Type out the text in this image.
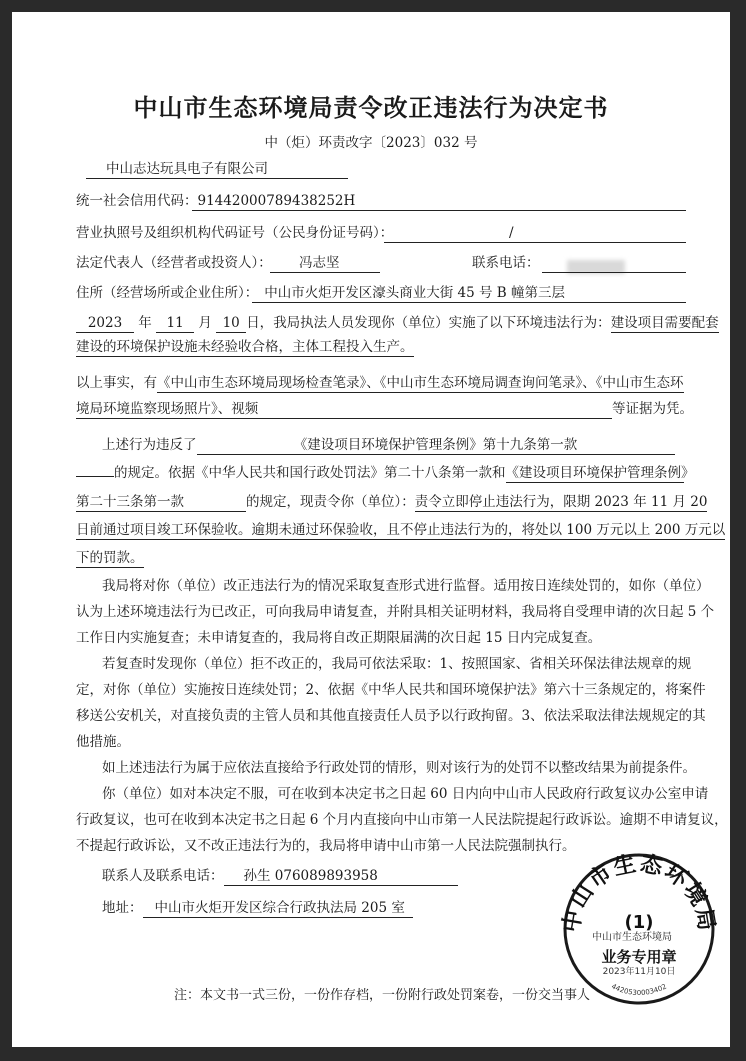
中山市生态环境局责令改正违法行为决定书
中（炬）环责改字〔2023〕032 号
中山志达玩具电子有限公司
统一社会信用代码：91442000789438252H
营业执照号及组织机构代码证号（公民身份证号码）：	/
法定代表人（经营者或投资人）： 冯志坚	联系电话：
住所（经营场所或企业住所）： 中山市火炬开发区濠头商业大街 45 号 B 幢第三层
2023 年 11 月 10 日，我局执法人员发现你（单位）实施了以下环境违法行为：建设项目需要配套
建设的环境保护设施未经验收合格，主体工程投入生产。
以上事实，有《中山市生态环境局现场检查笔录》、《中山市生态环境局调查询问笔录》、《中山市生态环
境局环境监察现场照片》、视频	等证据为凭。
上述行为违反了	《建设项目环境保护管理条例》第十九条第一款
的规定。依据《中华人民共和国行政处罚法》第二十八条第一款和《建设项目环境保护管理条例》
第二十三条第一款	的规定，现责令你（单位）：责令立即停止违法行为，限期 2023 年 11 月 20
日前通过项目竣工环保验收。逾期未通过环保验收，且不停止违法行为的，将处以 100 万元以上 200 万元以
下的罚款。
我局将对你（单位）改正违法行为的情况采取复查形式进行监督。适用按日连续处罚的，如你（单位）
认为上述环境违法行为已改正，可向我局申请复查，并附具相关证明材料，我局将自受理申请的次日起 5 个
工作日内实施复查；未申请复查的，我局将自改正期限届满的次日起 15 日内完成复查。
若复查时发现你（单位）拒不改正的，我局可依法采取：1、按照国家、省相关环保法律法规章的规
定，对你（单位）实施按日连续处罚；2、依据《中华人民共和国环境保护法》第六十三条规定的，将案件
移送公安机关，对直接负责的主管人员和其他直接责任人员予以行政拘留。3、依法采取法律法规规定的其
他措施。
如上述违法行为属于应依法直接给予行政处罚的情形，则对该行为的处罚不以整改结果为前提条件。
你（单位）如对本决定不服，可在收到本决定书之日起 60 日内向中山市人民政府行政复议办公室申请
行政复议，也可在收到本决定书之日起 6 个月内直接向中山市第一人民法院提起行政诉讼。逾期不申请复议，
不提起行政诉讼，又不改正违法行为的，我局将申请中山市第一人民法院强制执行。
联系人及联系电话： 孙生 076089893958
地址： 中山市火炬开发区综合行政执法局 205 室
注：本文书一式三份，一份作存档，一份附行政处罚案卷，一份交当事人
中山市生态环境局
4420530003402
(1)
中山市生态环境局
业务专用章
2023年11月10日
